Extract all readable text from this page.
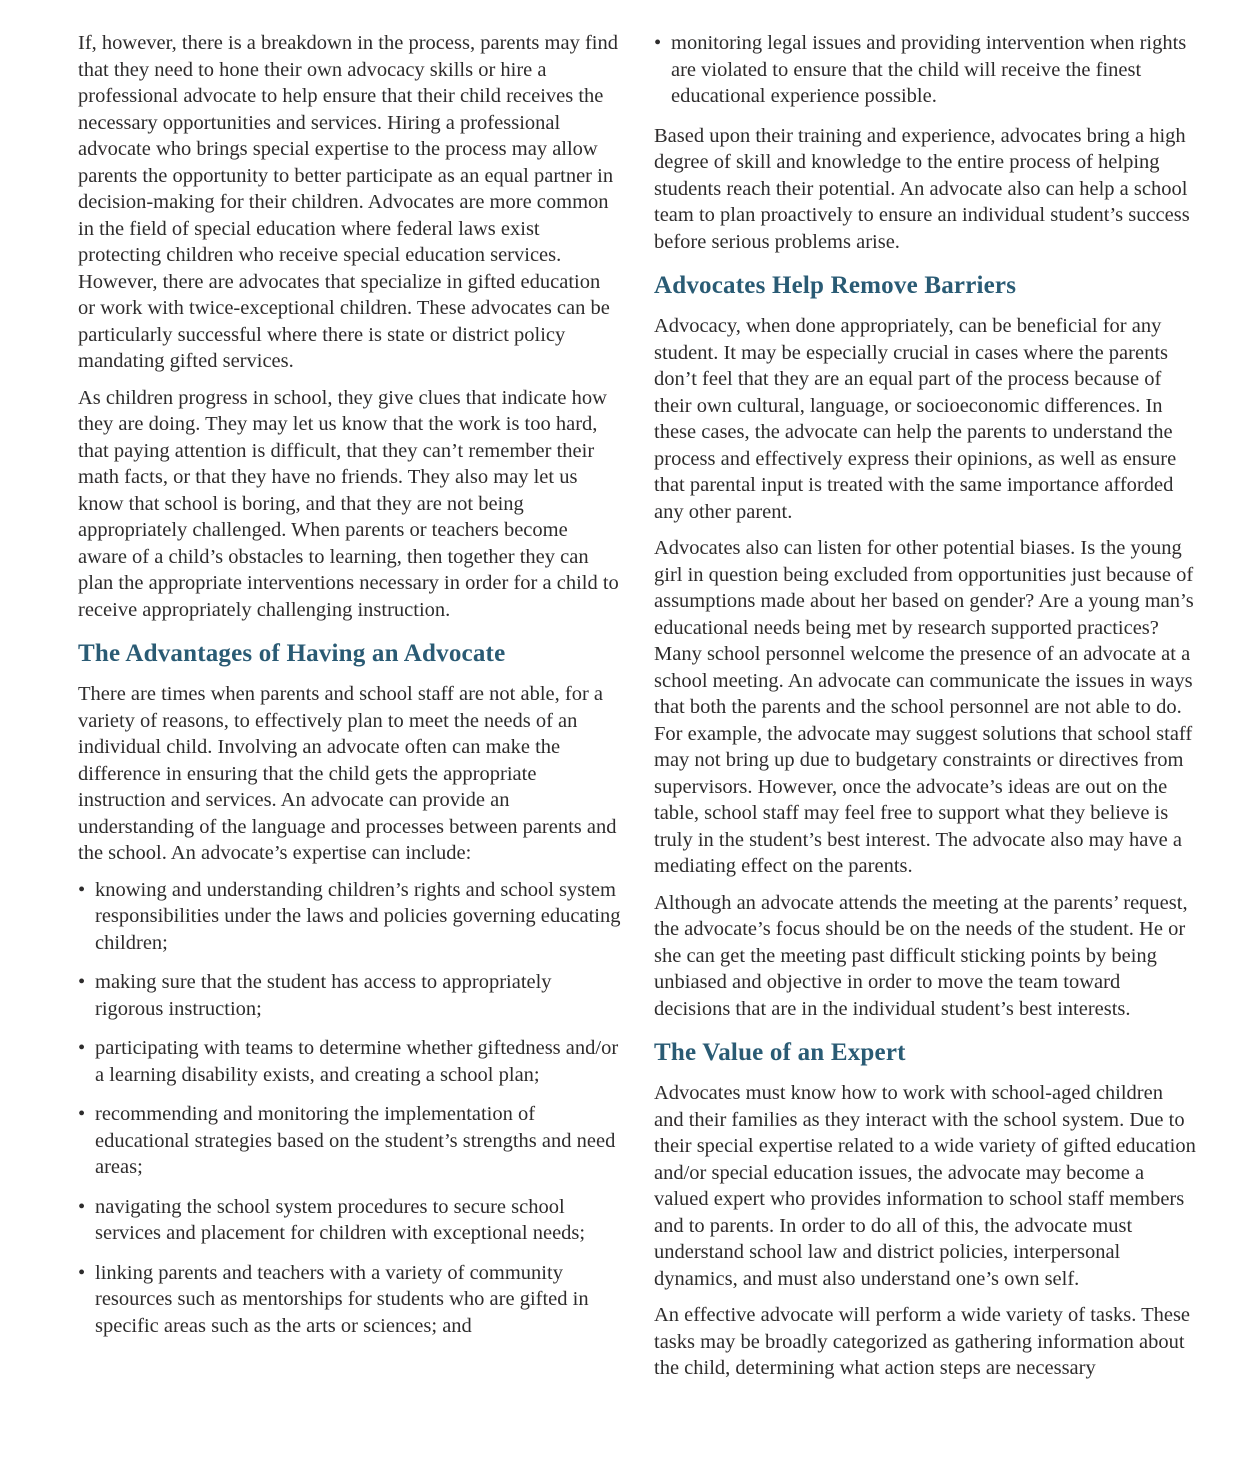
If, however, there is a breakdown in the process, parents may find that they need to hone their own advocacy skills or hire a professional advocate to help ensure that their child receives the necessary opportunities and services. Hiring a professional advocate who brings special expertise to the process may allow parents the opportunity to better participate as an equal partner in decision-making for their children. Advocates are more common in the field of special education where federal laws exist protecting children who receive special education services. However, there are advocates that specialize in gifted education or work with twice-exceptional children. These advocates can be particularly successful where there is state or district policy mandating gifted services.

As children progress in school, they give clues that indicate how they are doing. They may let us know that the work is too hard, that paying attention is difficult, that they can’t remember their math facts, or that they have no friends. They also may let us know that school is boring, and that they are not being appropriately challenged. When parents or teachers become aware of a child’s obstacles to learning, then together they can plan the appropriate interventions necessary in order for a child to receive appropriately challenging instruction.

The Advantages of Having an Advocate

There are times when parents and school staff are not able, for a variety of reasons, to effectively plan to meet the needs of an individual child. Involving an advocate often can make the difference in ensuring that the child gets the appropriate instruction and services. An advocate can provide an understanding of the language and processes between parents and the school. An advocate’s expertise can include:

• knowing and understanding children’s rights and school system responsibilities under the laws and policies governing educating children;
• making sure that the student has access to appropriately rigorous instruction;
• participating with teams to determine whether giftedness and/or a learning disability exists, and creating a school plan;
• recommending and monitoring the implementation of educational strategies based on the student’s strengths and need areas;
• navigating the school system procedures to secure school services and placement for children with exceptional needs;
• linking parents and teachers with a variety of community resources such as mentorships for students who are gifted in specific areas such as the arts or sciences; and
• monitoring legal issues and providing intervention when rights are violated to ensure that the child will receive the finest educational experience possible.

Based upon their training and experience, advocates bring a high degree of skill and knowledge to the entire process of helping students reach their potential. An advocate also can help a school team to plan proactively to ensure an individual student’s success before serious problems arise.

Advocates Help Remove Barriers

Advocacy, when done appropriately, can be beneficial for any student. It may be especially crucial in cases where the parents don’t feel that they are an equal part of the process because of their own cultural, language, or socioeconomic differences. In these cases, the advocate can help the parents to understand the process and effectively express their opinions, as well as ensure that parental input is treated with the same importance afforded any other parent.

Advocates also can listen for other potential biases. Is the young girl in question being excluded from opportunities just because of assumptions made about her based on gender? Are a young man’s educational needs being met by research supported practices? Many school personnel welcome the presence of an advocate at a school meeting. An advocate can communicate the issues in ways that both the parents and the school personnel are not able to do. For example, the advocate may suggest solutions that school staff may not bring up due to budgetary constraints or directives from supervisors. However, once the advocate’s ideas are out on the table, school staff may feel free to support what they believe is truly in the student’s best interest. The advocate also may have a mediating effect on the parents.

Although an advocate attends the meeting at the parents’ request, the advocate’s focus should be on the needs of the student. He or she can get the meeting past difficult sticking points by being unbiased and objective in order to move the team toward decisions that are in the individual student’s best interests.

The Value of an Expert

Advocates must know how to work with school-aged children and their families as they interact with the school system. Due to their special expertise related to a wide variety of gifted education and/or special education issues, the advocate may become a valued expert who provides information to school staff members and to parents. In order to do all of this, the advocate must understand school law and district policies, interpersonal dynamics, and must also understand one’s own self.

An effective advocate will perform a wide variety of tasks. These tasks may be broadly categorized as gathering information about the child, determining what action steps are necessary
